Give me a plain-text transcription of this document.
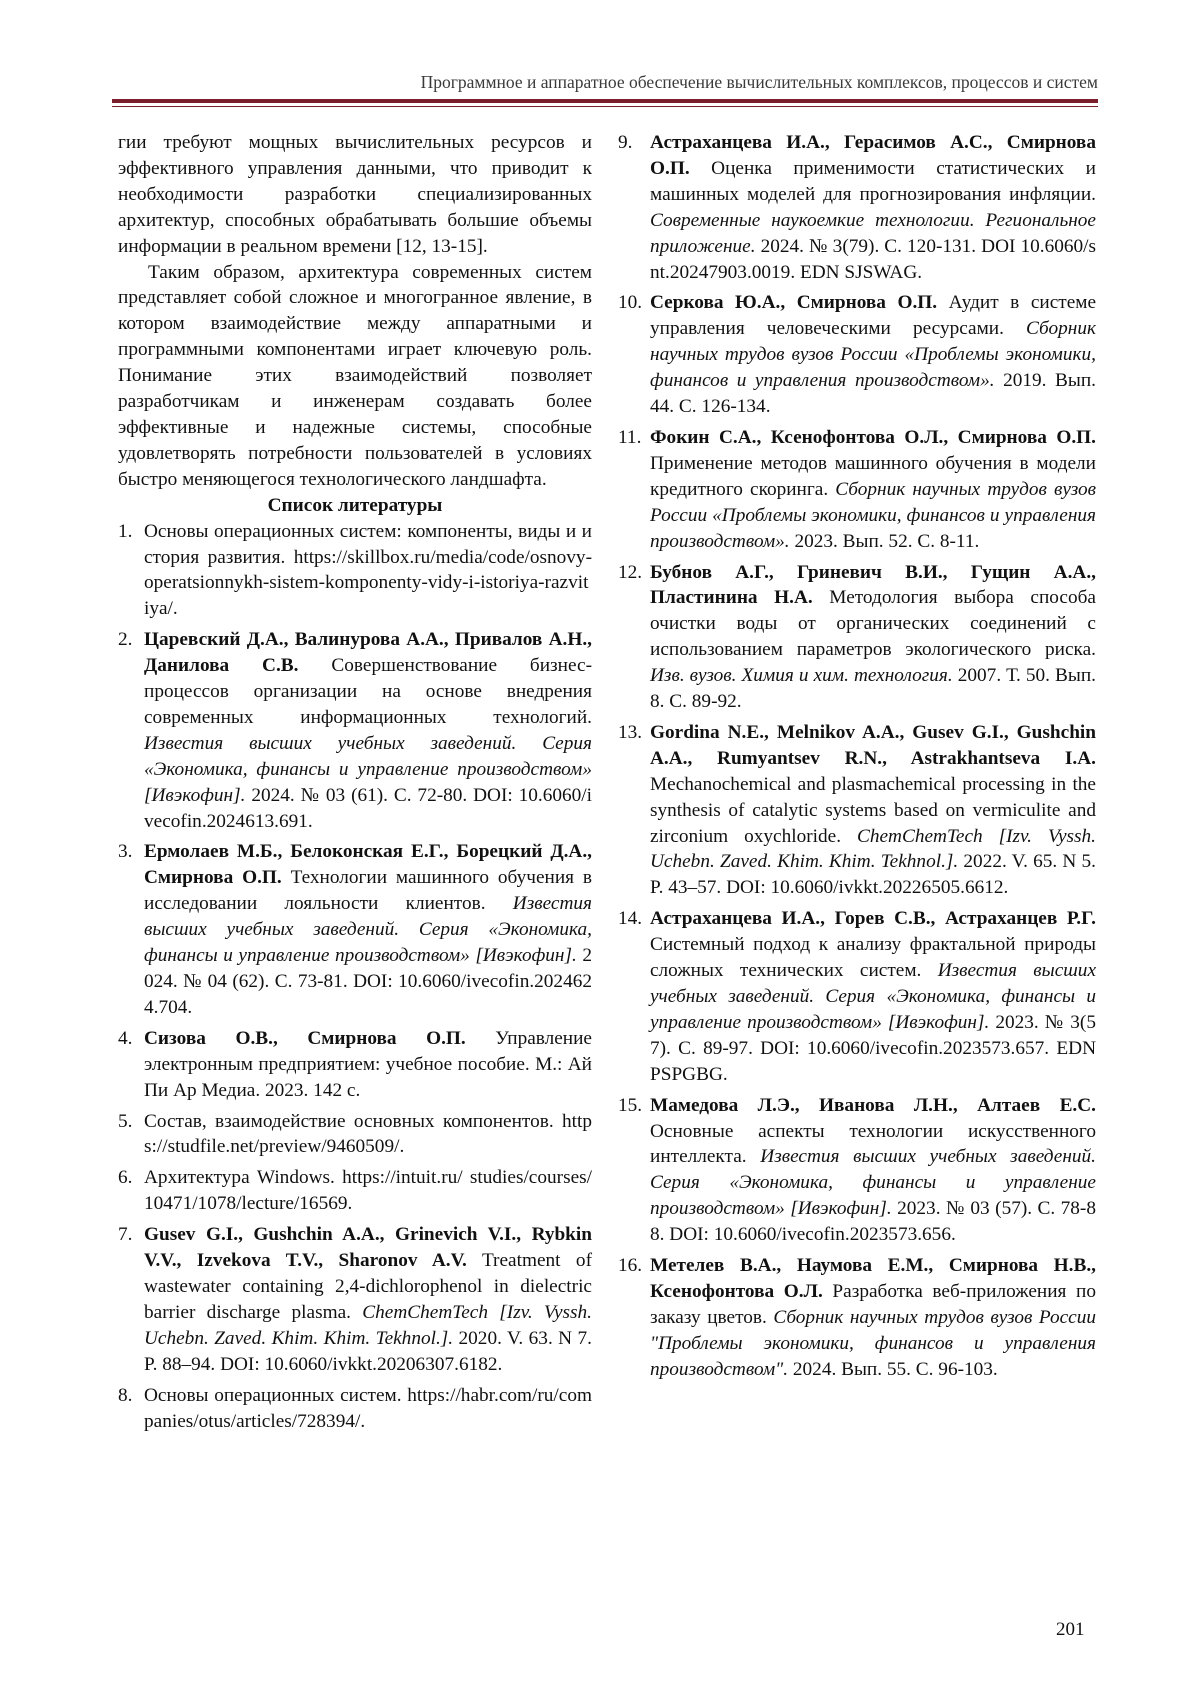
Программное и аппаратное обеспечение вычислительных комплексов, процессов и систем

гии требуют мощных вычислительных ресурсов и эффективного управления данными, что приводит к необходимости разработки специализированных архитектур, способных обрабатывать большие объемы информации в реальном времени [12, 13-15].

Таким образом, архитектура современных систем представляет собой сложное и многогранное явление, в котором взаимодействие между аппаратными и программными компонентами играет ключевую роль. Понимание этих взаимодействий позволяет разработчикам и инженерам создавать более эффективные и надежные системы, способные удовлетворять потребности пользователей в условиях быстро меняющегося технологического ландшафта.

Список литературы
1. Основы операционных систем: компоненты, виды и история развития. https://skillbox.ru/media/code/osnovy-operatsionnykh-sistem-komponenty-vidy-i-istoriya-razvitiya/.
2. Царевский Д.А., Валинурова А.А., Привалов А.Н., Данилова С.В. Совершенствование бизнес-процессов организации на основе внедрения современных информационных технологий. Известия высших учебных заведений. Серия «Экономика, финансы и управление производством» [Ивэкофин]. 2024. № 03 (61). С. 72-80. DOI: 10.6060/ivecofin.2024613.691.
3. Ермолаев М.Б., Белоконская Е.Г., Борецкий Д.А., Смирнова О.П. Технологии машинного обучения в исследовании лояльности клиентов. Известия высших учебных заведений. Серия «Экономика, финансы и управление производством» [Ивэкофин]. 2024. № 04 (62). С. 73-81. DOI: 10.6060/ivecofin.2024624.704.
4. Сизова О.В., Смирнова О.П. Управление электронным предприятием: учебное пособие. М.: Ай Пи Ар Медиа. 2023. 142 с.
5. Состав, взаимодействие основных компонентов. https://studfile.net/preview/9460509/.
6. Архитектура Windows. https://intuit.ru/ studies/courses/10471/1078/lecture/16569.
7. Gusev G.I., Gushchin A.A., Grinevich V.I., Rybkin V.V., Izvekova T.V., Sharonov A.V. Treatment of wastewater containing 2,4-dichlorophenol in dielectric barrier discharge plasma. ChemChemTech [Izv. Vyssh. Uchebn. Zaved. Khim. Khim. Tekhnol.]. 2020. V. 63. N 7. P. 88–94. DOI: 10.6060/ivkkt.20206307.6182.
8. Основы операционных систем. https://habr.com/ru/companies/otus/articles/728394/.
9. Астраханцева И.А., Герасимов А.С., Смирнова О.П. Оценка применимости статистических и машинных моделей для прогнозирования инфляции. Современные наукоемкие технологии. Региональное приложение. 2024. № 3(79). С. 120-131. DOI 10.6060/snt.20247903.0019. EDN SJSWAG.
10. Серкова Ю.А., Смирнова О.П. Аудит в системе управления человеческими ресурсами. Сборник научных трудов вузов России «Проблемы экономики, финансов и управления производством». 2019. Вып. 44. С. 126-134.
11. Фокин С.А., Ксенофонтова О.Л., Смирнова О.П. Применение методов машинного обучения в модели кредитного скоринга. Сборник научных трудов вузов России «Проблемы экономики, финансов и управления производством». 2023. Вып. 52. С. 8-11.
12. Бубнов А.Г., Гриневич В.И., Гущин А.А., Пластинина Н.А. Методология выбора способа очистки воды от органических соединений с использованием параметров экологического риска. Изв. вузов. Химия и хим. технология. 2007. Т. 50. Вып. 8. С. 89-92.
13. Gordina N.E., Melnikov A.A., Gusev G.I., Gushchin A.A., Rumyantsev R.N., Astrakhantseva I.A. Mechanochemical and plasmachemical processing in the synthesis of catalytic systems based on vermiculite and zirconium oxychloride. ChemChemTech [Izv. Vyssh. Uchebn. Zaved. Khim. Khim. Tekhnol.]. 2022. V. 65. N 5. P. 43–57. DOI: 10.6060/ivkkt.20226505.6612.
14. Астраханцева И.А., Горев С.В., Астраханцев Р.Г. Системный подход к анализу фрактальной природы сложных технических систем. Известия высших учебных заведений. Серия «Экономика, финансы и управление производством» [Ивэкофин]. 2023. № 3(57). С. 89-97. DOI: 10.6060/ivecofin.2023573.657. EDN PSPGBG.
15. Мамедова Л.Э., Иванова Л.Н., Алтаев Е.С. Основные аспекты технологии искусственного интеллекта. Известия высших учебных заведений. Серия «Экономика, финансы и управление производством» [Ивэкофин]. 2023. № 03 (57). С. 78-88. DOI: 10.6060/ivecofin.2023573.656.
16. Метелев В.А., Наумова Е.М., Смирнова Н.В., Ксенофонтова О.Л. Разработка веб-приложения по заказу цветов. Сборник научных трудов вузов России "Проблемы экономики, финансов и управления производством". 2024. Вып. 55. С. 96-103.
201
